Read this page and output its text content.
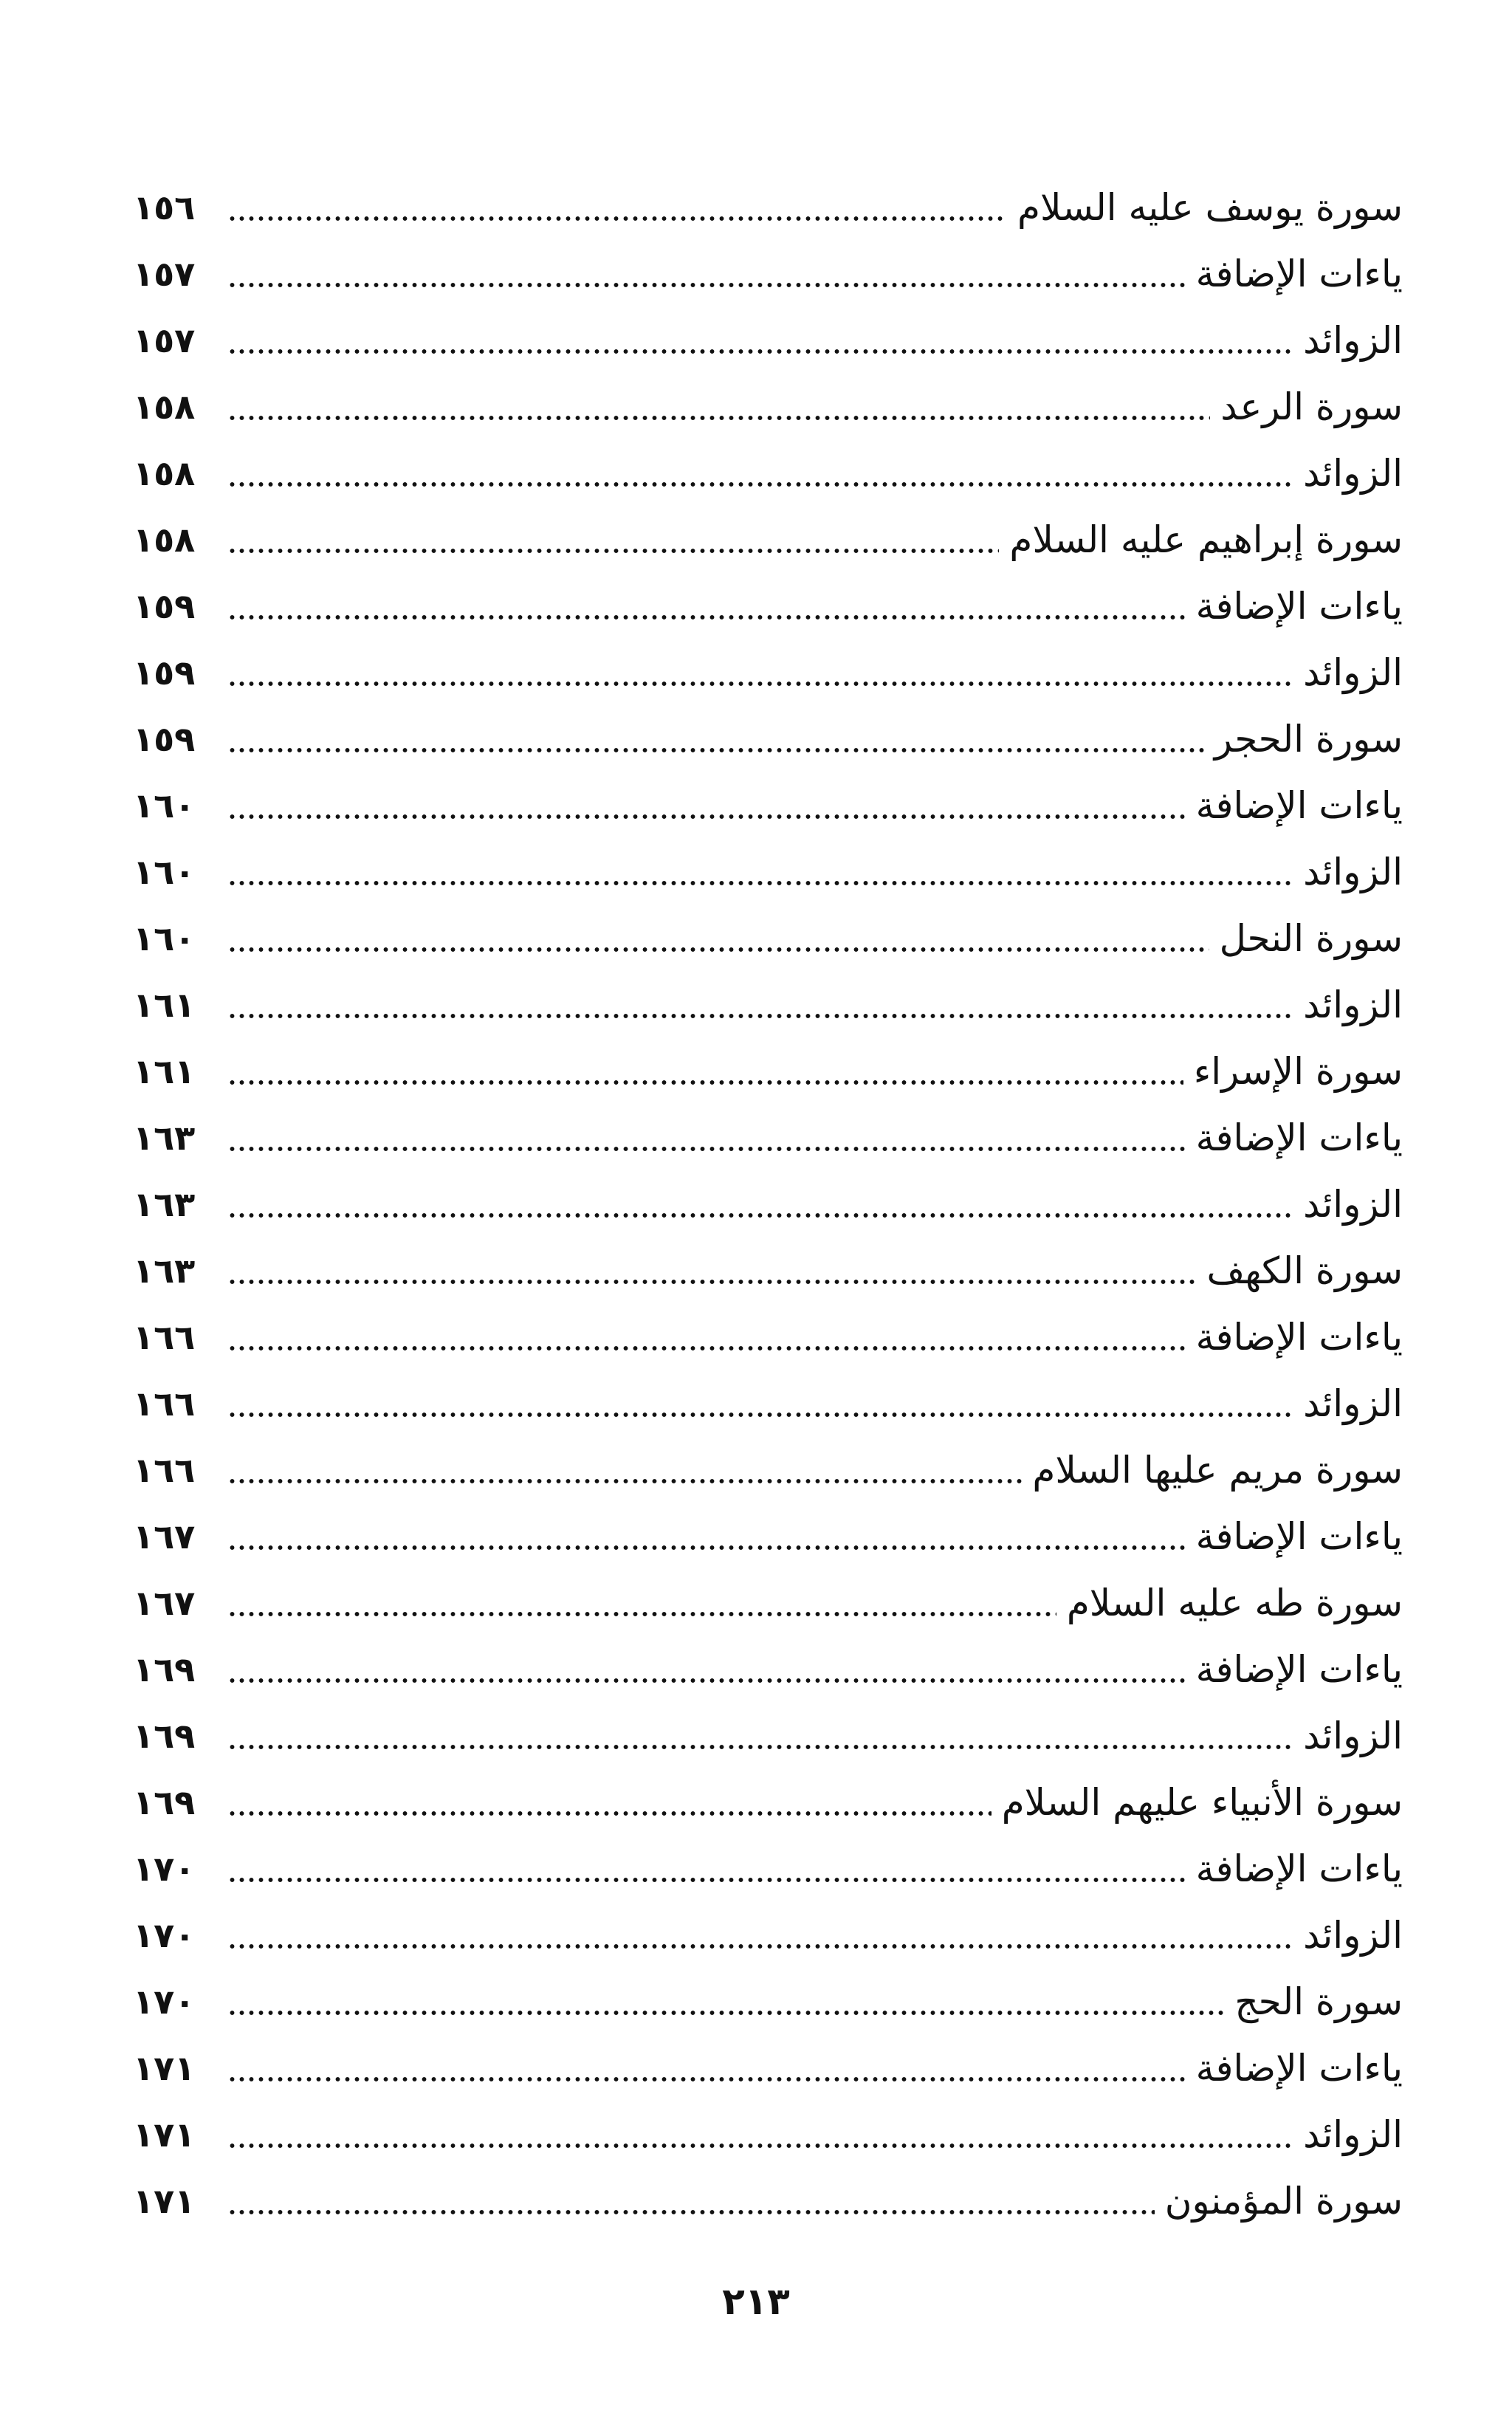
سورة يوسف عليه السلام
١٥٦
ياءات الإضافة
١٥٧
الزوائد
١٥٧
سورة الرعد
١٥٨
الزوائد
١٥٨
سورة إبراهيم عليه السلام
١٥٨
ياءات الإضافة
١٥٩
الزوائد
١٥٩
سورة الحجر
١٥٩
ياءات الإضافة
١٦٠
الزوائد
١٦٠
سورة النحل
١٦٠
الزوائد
١٦١
سورة الإسراء
١٦١
ياءات الإضافة
١٦٣
الزوائد
١٦٣
سورة الكهف
١٦٣
ياءات الإضافة
١٦٦
الزوائد
١٦٦
سورة مريم عليها السلام
١٦٦
ياءات الإضافة
١٦٧
سورة طه عليه السلام
١٦٧
ياءات الإضافة
١٦٩
الزوائد
١٦٩
سورة الأنبياء عليهم السلام
١٦٩
ياءات الإضافة
١٧٠
الزوائد
١٧٠
سورة الحج
١٧٠
ياءات الإضافة
١٧١
الزوائد
١٧١
سورة المؤمنون
١٧١
٢١٣
